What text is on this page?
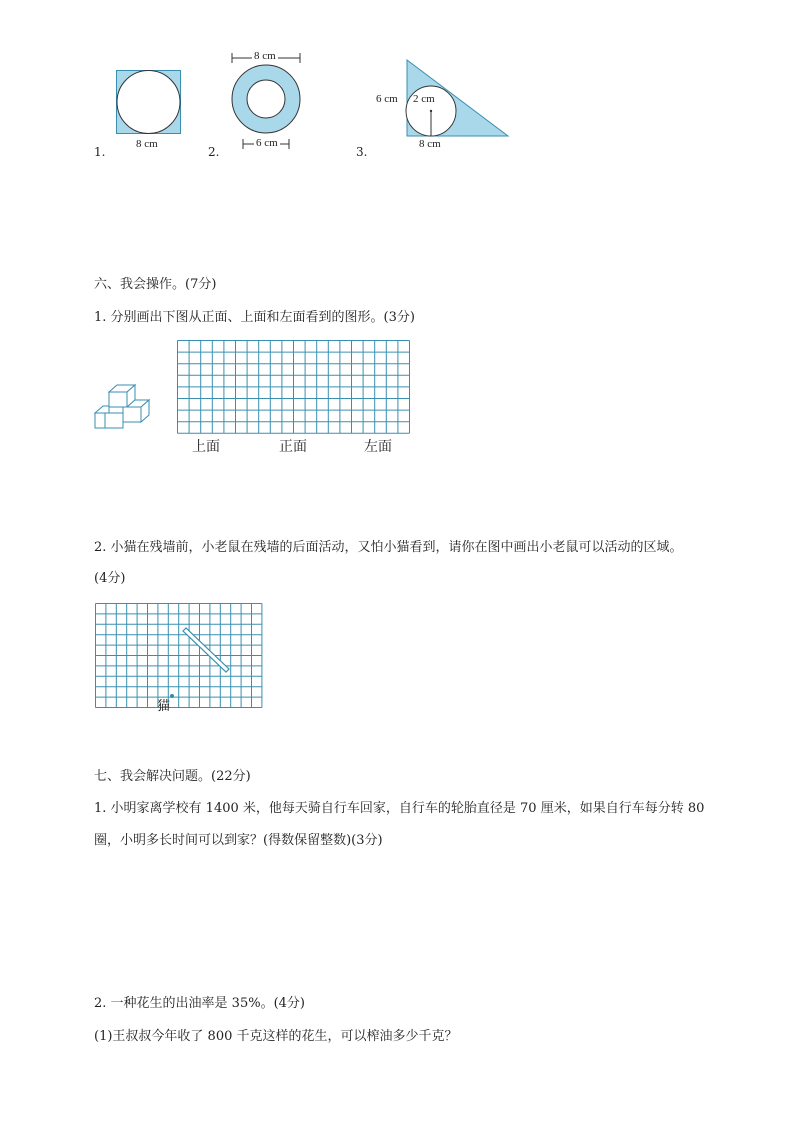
1.
8 cm
8 cm
2.
6 cm
6 cm 2 cm
3.
8 cm
六、我会操作。(7分)
1. 分别画出下图从正面、上面和左面看到的图形。(3分)
上面	正面	左面
2. 小猫在残墙前，小老鼠在残墙的后面活动，又怕小猫看到，请你在图中画出小老鼠可以活动的区域。
(4分)
猫
七、我会解决问题。(22分)
1. 小明家离学校有 1400 米，他每天骑自行车回家，自行车的轮胎直径是 70 厘米，如果自行车每分转 80
圈，小明多长时间可以到家？(得数保留整数)(3分)
2. 一种花生的出油率是 35%。(4分)
(1)王叔叔今年收了 800 千克这样的花生，可以榨油多少千克？
